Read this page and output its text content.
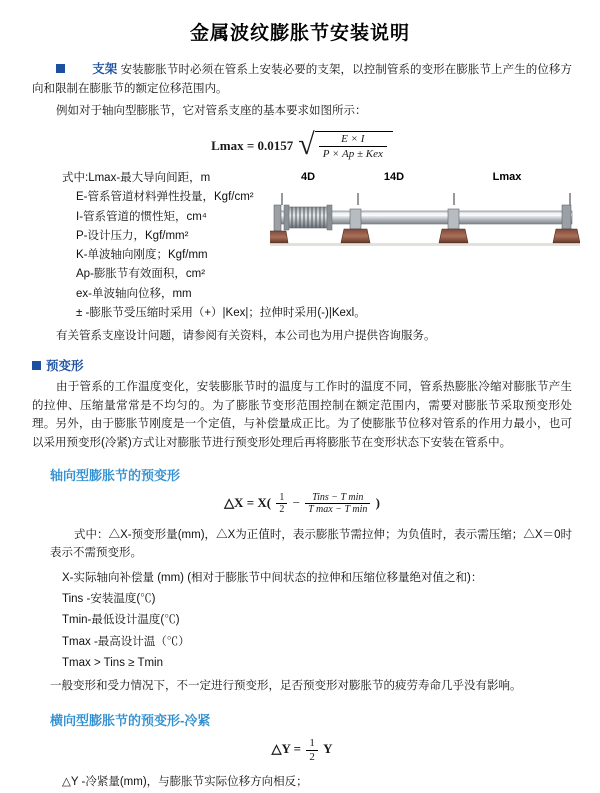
金属波纹膨胀节安装说明

支架 安装膨胀节时必须在管系上安装必要的支架，以控制管系的变形在膨胀节上产生的位移方向和限制在膨胀节的额定位移范围内。

例如对于轴向型膨胀节，它对管系支座的基本要求如图所示：

Lmax = 0.0157 √ $\frac{E \times I}{\text{P × Ap ± Kex}}$
式中:Lmax-最大导向间距，m
E-管系管道材料弹性投量，Kgf/cm²
I-管系管道的惯性矩，cm⁴
P-设计压力，Kgf/mm²
K-单波轴向刚度；Kgf/mm
Ap-膨胀节有效面积，cm²
ex-单波轴向位移，mm
± -膨胀节受压缩时采用（+）|Kex|；拉伸时采用(-)|Kexl。
4D	14D	Lmax

有关管系支座设计问题，请参阅有关资料，本公司也为用户提供咨询服务。

预变形

由于管系的工作温度变化，安装膨胀节时的温度与工作时的温度不同，管系热膨胀冷缩对膨胀节产生的拉伸、压缩量常常是不均匀的。为了膨胀节变形范围控制在额定范围内，需要对膨胀节采取预变形处理。另外，由于膨胀节刚度是一个定值，与补偿量成正比。为了使膨胀节位移对管系的作用力最小，也可以采用预变形(冷紧)方式让对膨胀节进行预变形处理后再将膨胀节在变形状态下安装在管系中。

轴向型膨胀节的预变形
△X = $X( \frac{1}{2}$ −	Tins − T min
T max − T min
)

式中：△X-预变形量(mm)，△X为正值时，表示膨胀节需拉伸；为负值时，表示需压缩；△X＝0时表示不需预变形。

X-实际轴向补偿量 (mm) (相对于膨胀节中间状态的拉伸和压缩位移量绝对值之和)：
Tins -安装温度(℃)
Tmin-最低设计温度(℃)
Tmax -最高设计温（℃）
Tmax > Tins ≥ Tmin

一般变形和受力情况下，不一定进行预变形，足否预变形对膨胀节的疲劳寿命几乎没有影响。

横向型膨胀节的预变形-冷紧
△Y = $\frac{1}{2}$ Y
△Y -冷紧量(mm)，与膨胀节实际位移方向相反；
